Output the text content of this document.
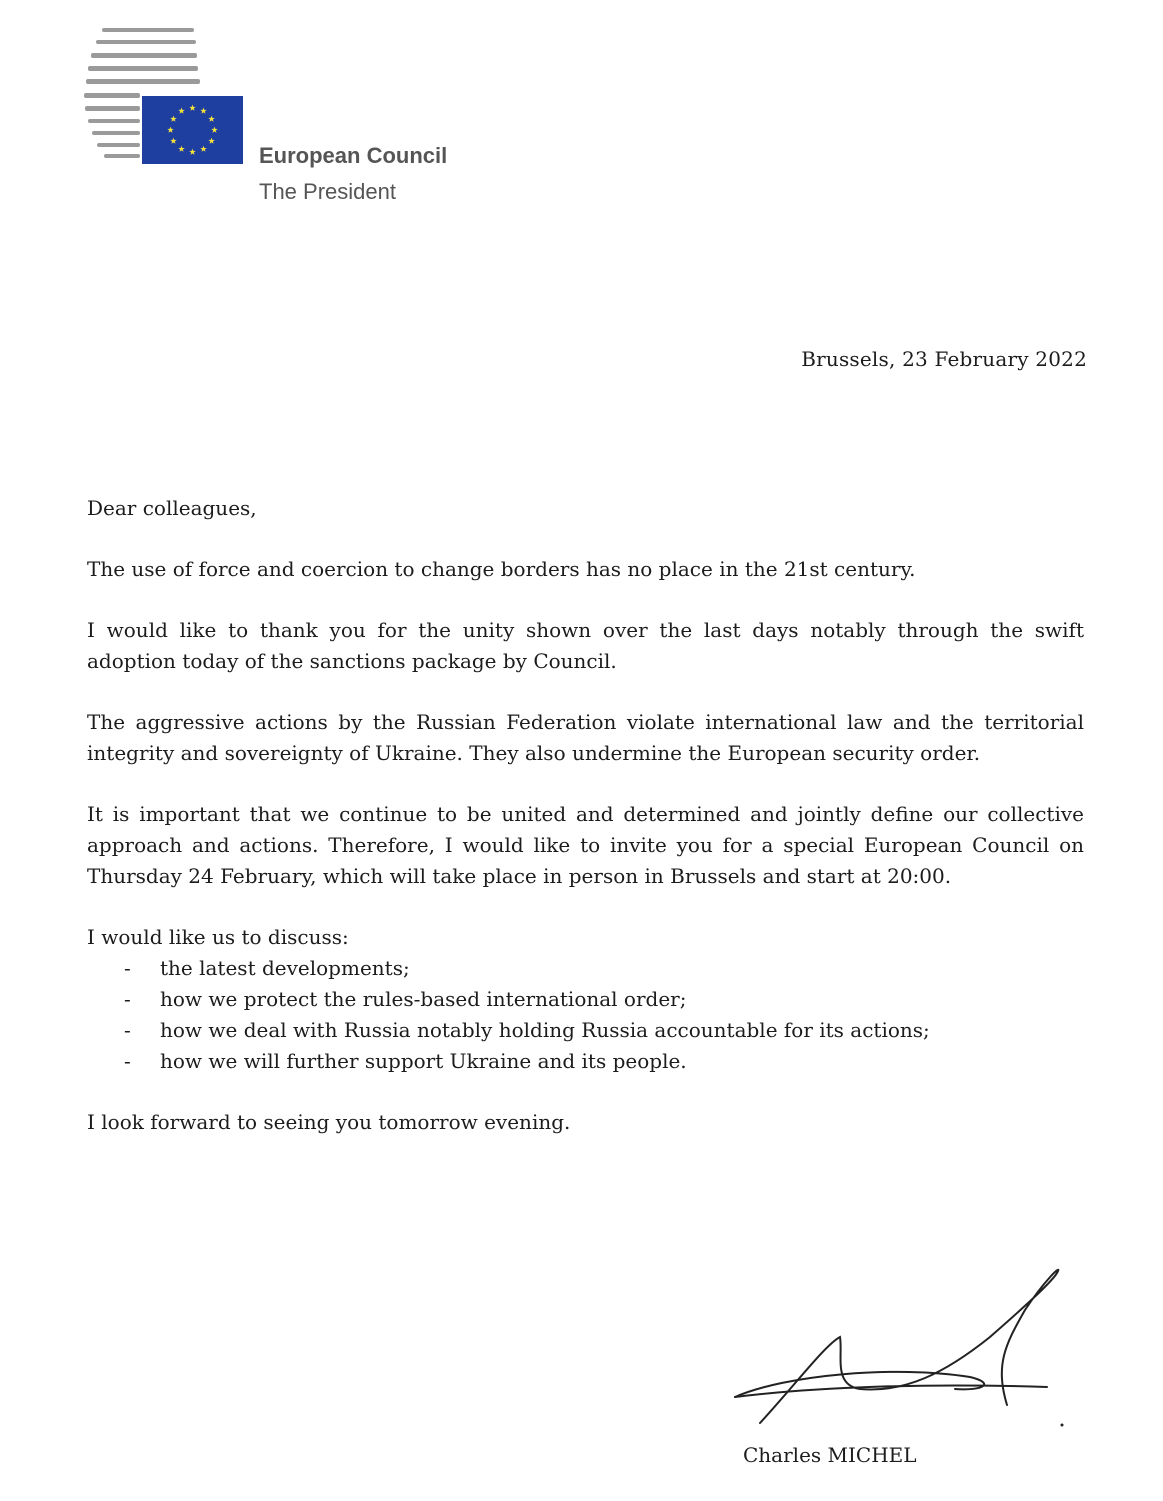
European Council
The President
Brussels, 23 February 2022

Dear colleagues,

The use of force and coercion to change borders has no place in the 21st century.

I would like to thank you for the unity shown over the last days notably through the swift adoption today of the sanctions package by Council.

The aggressive actions by the Russian Federation violate international law and the territorial integrity and sovereignty of Ukraine. They also undermine the European security order.

It is important that we continue to be united and determined and jointly define our collective approach and actions. Therefore, I would like to invite you for a special European Council on Thursday 24 February, which will take place in person in Brussels and start at 20:00.

I would like us to discuss:

- the latest developments;
- how we protect the rules-based international order;
- how we deal with Russia notably holding Russia accountable for its actions;
- how we will further support Ukraine and its people.

I look forward to seeing you tomorrow evening.

Charles MICHEL
